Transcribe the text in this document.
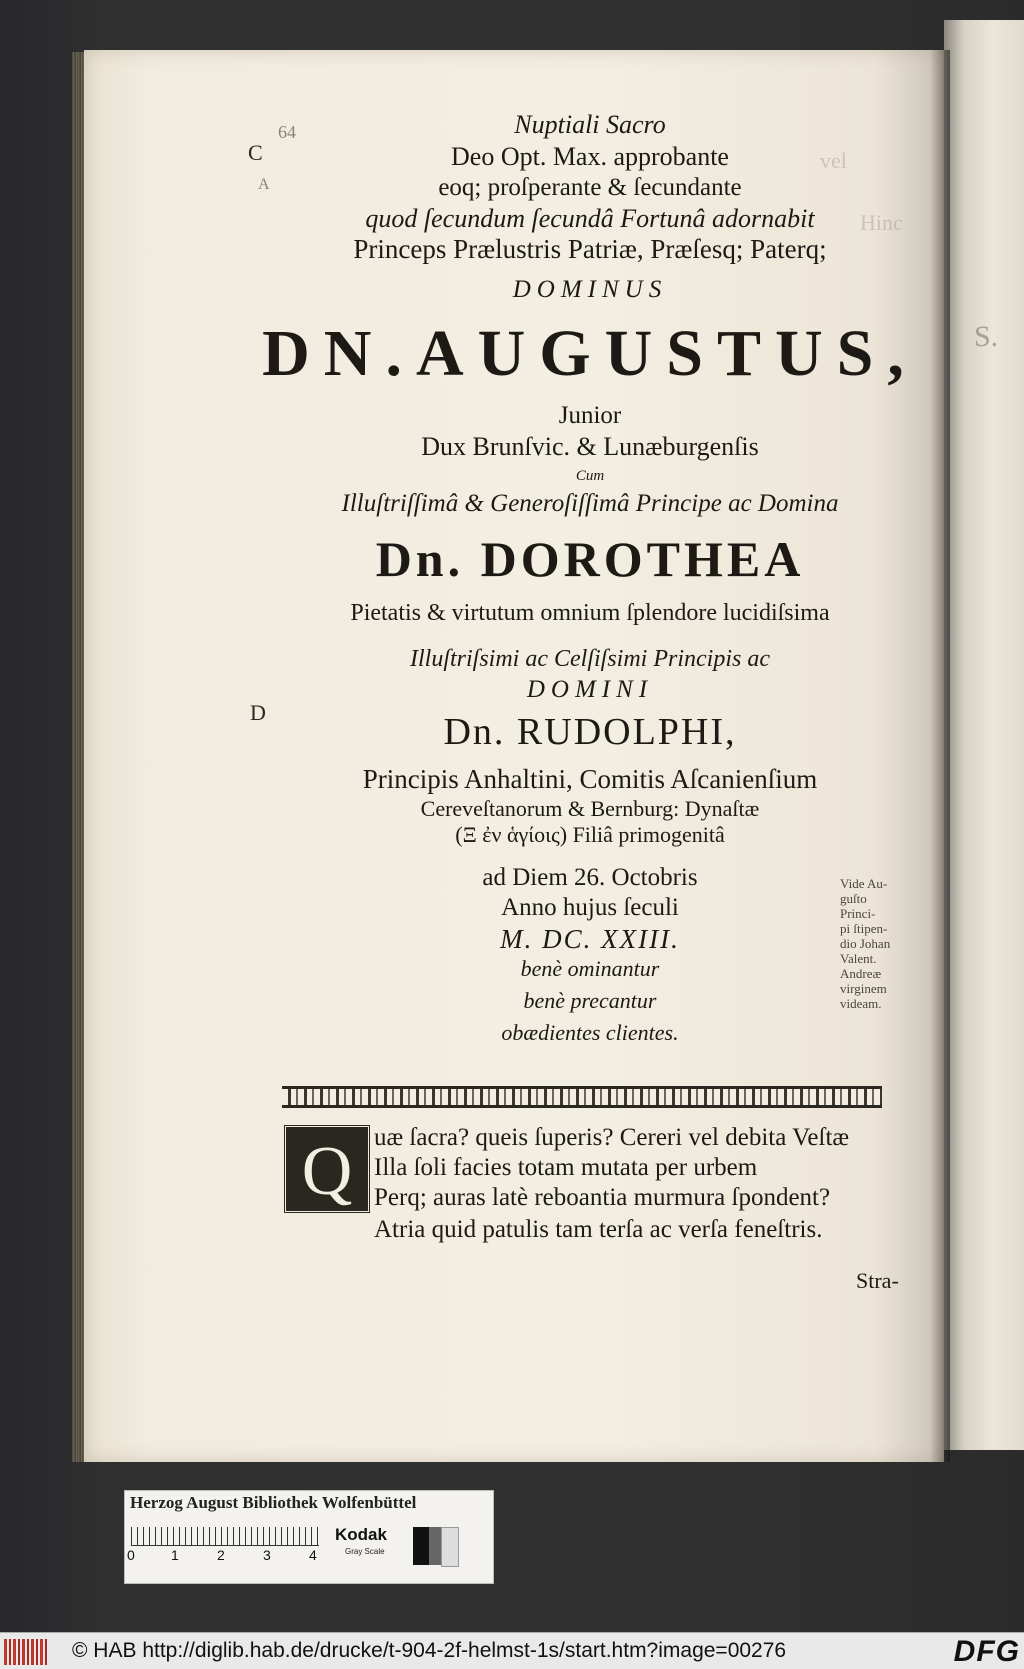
S.
vel
Hinc
C
A
64
D
Nuptiali Sacro
Deo Opt. Max. approbante
eoq; proſperante & ſecundante
quod ſecundum ſecundâ Fortunâ adornabit
Princeps Prælustris Patriæ, Præſesq; Paterq;
DOMINUS
DN.AUGUSTUS,
Junior
Dux Brunſvic. & Lunæburgenſis
Cum
Illuſtriſſimâ & Generoſiſſimâ Principe ac Domina
Dn. DOROTHEA
Pietatis & virtutum omnium ſplendore lucidiſsima
Illuſtriſsimi ac Celſiſsimi Principis ac
DOMINI
Dn. RUDOLPHI,
Principis Anhaltini, Comitis Aſcanienſium
Cereveſtanorum & Bernburg: Dynaſtæ
(Ξ ἐν ἁγίοις) Filiâ primogenitâ
ad Diem 26. Octobris
Anno hujus ſeculi
M. DC. XXIII.
benè ominantur
benè precantur
obædientes clientes.
Vide Au-
guſto
Princi-
pi ſtipen-
dio Johan
Valent.
Andreæ
virginem
videam.
Q uæ ſacra? queis ſuperis? Cereri vel debita Veſtæ
Illa ſoli facies totam mutata per urbem
Perq; auras latè reboantia murmura ſpondent?
Atria quid patulis tam terſa ac verſa feneſtris.
Stra-
Herzog August Bibliothek Wolfenbüttel
0	1	2	3	4
Kodak
Gray Scale
© HAB http://diglib.hab.de/drucke/t-904-2f-helmst-1s/start.htm?image=00276	DFG
